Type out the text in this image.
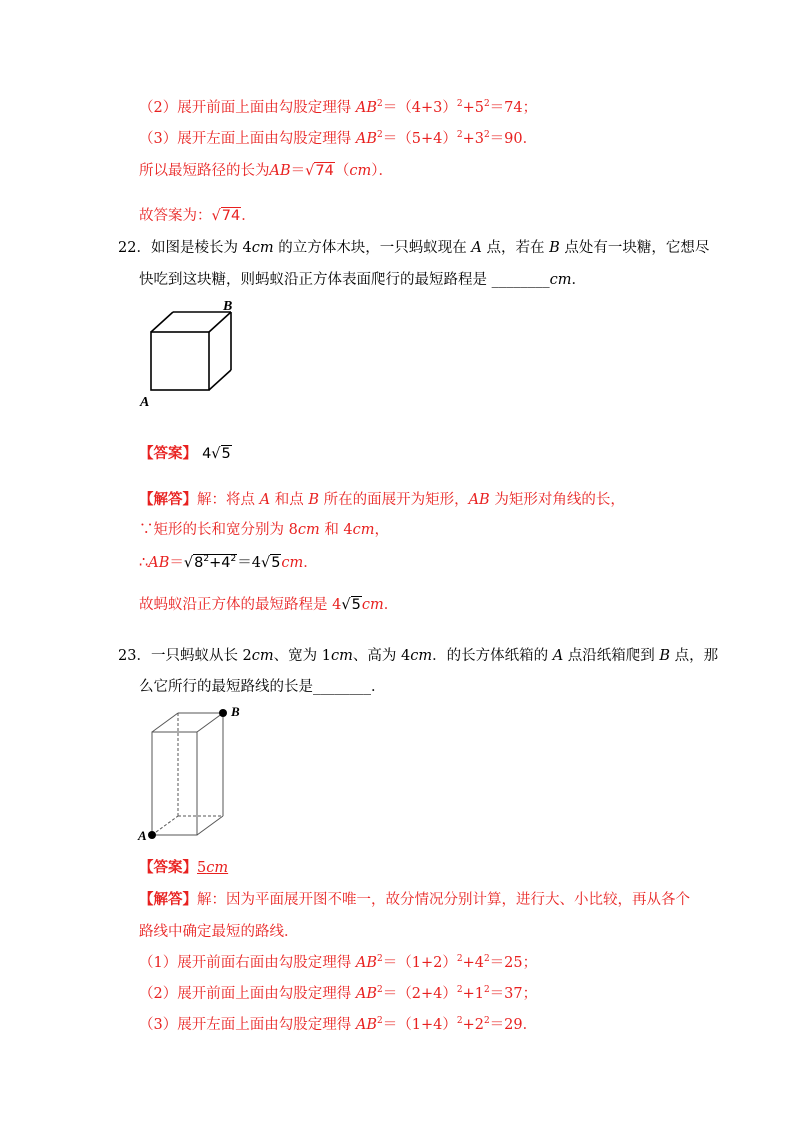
（2）展开前面上面由勾股定理得 $AB^2=(4+3)^2+5^2=74$；
（3）展开左面上面由勾股定理得 $AB^2=(5+4)^2+3^2=90$．
所以最短路径的长为AB＝√74（cm）．
故答案为：√74．
22．如图是棱长为 4cm 的立方体木块，一只蚂蚁现在 A 点，若在 B 点处有一块糖，它想尽
快吃到这块糖，则蚂蚁沿正方体表面爬行的最短路程是 ________cm．
B
A
【答案】 4√5
【解答】解：将点 A 和点 B 所在的面展开为矩形，AB 为矩形对角线的长，
∵矩形的长和宽分别为 8cm 和 4cm，
$\therefore AB=√8^2+4^2=4√5cm$．
故蚂蚁沿正方体的最短路程是 4√5cm．
23．一只蚂蚁从长 2cm、宽为 1cm、高为 4cm．的长方体纸箱的 A 点沿纸箱爬到 B 点，那
么它所行的最短路线的长是________．
B
A
【答案】5cm
【解答】解：因为平面展开图不唯一，故分情况分别计算，进行大、小比较，再从各个
路线中确定最短的路线．
（1）展开前面右面由勾股定理得 $AB^2=(1+2)^2+4^2=25$；
（2）展开前面上面由勾股定理得 $AB^2=(2+4)^2+1^2=37$；
（3）展开左面上面由勾股定理得 $AB^2=(1+4)^2+2^2=29$．
